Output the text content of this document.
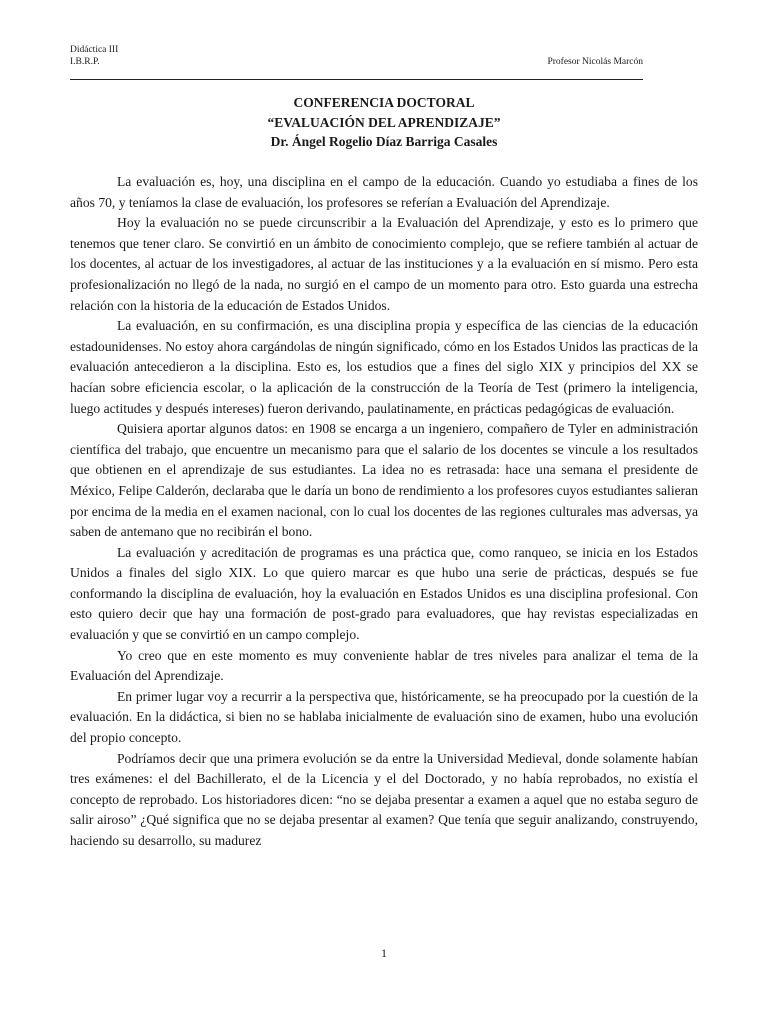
Didáctica III
I.B.R.P.	Profesor Nicolás Marcón
CONFERENCIA DOCTORAL
“EVALUACIÓN DEL APRENDIZAJE”
Dr. Ángel Rogelio Díaz Barriga Casales

La evaluación es, hoy, una disciplina en el campo de la educación. Cuando yo estudiaba a fines de los años 70, y teníamos la clase de evaluación, los profesores se referían a Evaluación del Aprendizaje.

Hoy la evaluación no se puede circunscribir a la Evaluación del Aprendizaje, y esto es lo primero que tenemos que tener claro. Se convirtió en un ámbito de conocimiento complejo, que se refiere también al actuar de los docentes, al actuar de los investigadores, al actuar de las instituciones y a la evaluación en sí mismo. Pero esta profesionalización no llegó de la nada, no surgió en el campo de un momento para otro. Esto guarda una estrecha relación con la historia de la educación de Estados Unidos.

La evaluación, en su confirmación, es una disciplina propia y específica de las ciencias de la educación estadounidenses. No estoy ahora cargándolas de ningún significado, cómo en los Estados Unidos las practicas de la evaluación antecedieron a la disciplina. Esto es, los estudios que a fines del siglo XIX y principios del XX se hacían sobre eficiencia escolar, o la aplicación de la construcción de la Teoría de Test (primero la inteligencia, luego actitudes y después intereses) fueron derivando, paulatinamente, en prácticas pedagógicas de evaluación.

Quisiera aportar algunos datos: en 1908 se encarga a un ingeniero, compañero de Tyler en administración científica del trabajo, que encuentre un mecanismo para que el salario de los docentes se vincule a los resultados que obtienen en el aprendizaje de sus estudiantes. La idea no es retrasada: hace una semana el presidente de México, Felipe Calderón, declaraba que le daría un bono de rendimiento a los profesores cuyos estudiantes salieran por encima de la media en el examen nacional, con lo cual los docentes de las regiones culturales mas adversas, ya saben de antemano que no recibirán el bono.

La evaluación y acreditación de programas es una práctica que, como ranqueo, se inicia en los Estados Unidos a finales del siglo XIX. Lo que quiero marcar es que hubo una serie de prácticas, después se fue conformando la disciplina de evaluación, hoy la evaluación en Estados Unidos es una disciplina profesional. Con esto quiero decir que hay una formación de post-grado para evaluadores, que hay revistas especializadas en evaluación y que se convirtió en un campo complejo.

Yo creo que en este momento es muy conveniente hablar de tres niveles para analizar el tema de la Evaluación del Aprendizaje.

En primer lugar voy a recurrir a la perspectiva que, históricamente, se ha preocupado por la cuestión de la evaluación. En la didáctica, si bien no se hablaba inicialmente de evaluación sino de examen, hubo una evolución del propio concepto.

Podríamos decir que una primera evolución se da entre la Universidad Medieval, donde solamente habían tres exámenes: el del Bachillerato, el de la Licencia y el del Doctorado, y no había reprobados, no existía el concepto de reprobado. Los historiadores dicen: “no se dejaba presentar a examen a aquel que no estaba seguro de salir airoso” ¿Qué significa que no se dejaba presentar al examen? Que tenía que seguir analizando, construyendo, haciendo su desarrollo, su madurez

1
